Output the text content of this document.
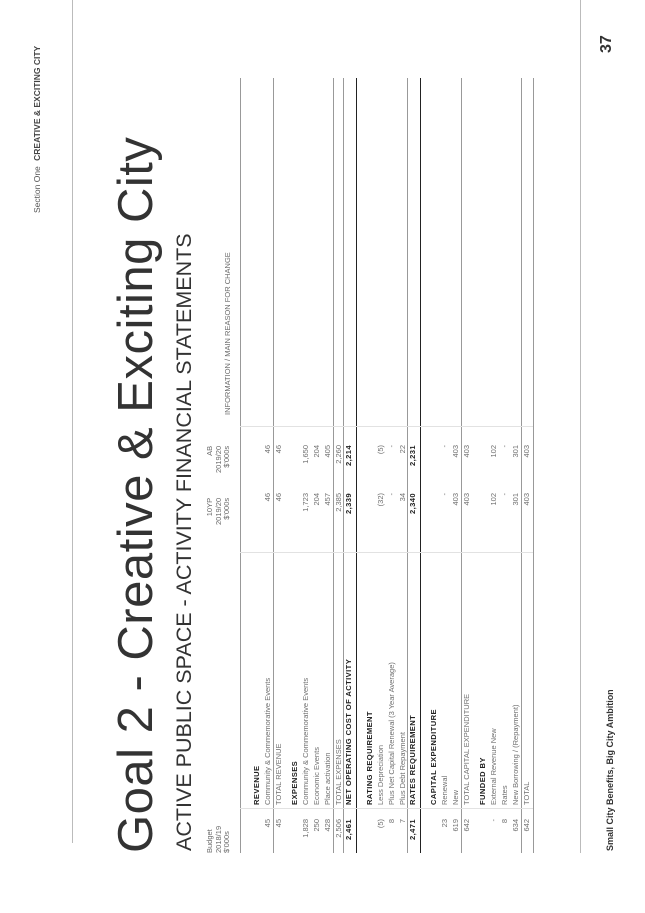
Section One CREATIVE & EXCITING CITY
Goal 2 - Creative & Exciting City ACTIVE PUBLIC SPACE - ACTIVITY FINANCIAL STATEMENTS Budget 2018/19 $'000s
10YP 2019/20 $'000s
AB 2019/20 $'000s
INFORMATION / MAIN REASON FOR CHANGE
REVENUE Community & Commemorative Events
45
46
46
TOTAL REVENUE
45
46
46
EXPENSES Community & Commemorative Events
1,828
1,723
1,650
Economic Events
250
204
204
Place activation
428
457
405
TOTAL EXPENSES
2,506
2,385
2,260
NET OPERATING COST OF ACTIVITY
2,461
2,339
2,214
RATING REQUIREMENT Less Depreciation
(5)
(32)
(5)
Plus Net Capital Renewal (3 Year Average)
8
-
-
Plus Debt Repayment
7
34
22
RATES REQUIREMENT
2,471
2,340
2,231
CAPITAL EXPENDITURE Renewal
23
-
-
New
619
403
403
TOTAL CAPITAL EXPENDITURE
642
403
403
FUNDED BY External Revenue New
-
102
102
Rates
8
-
-
New Borrowing / (Repayment)
634
301
301
TOTAL
642
403
403
Small City Benefits, Big City Ambition
37
